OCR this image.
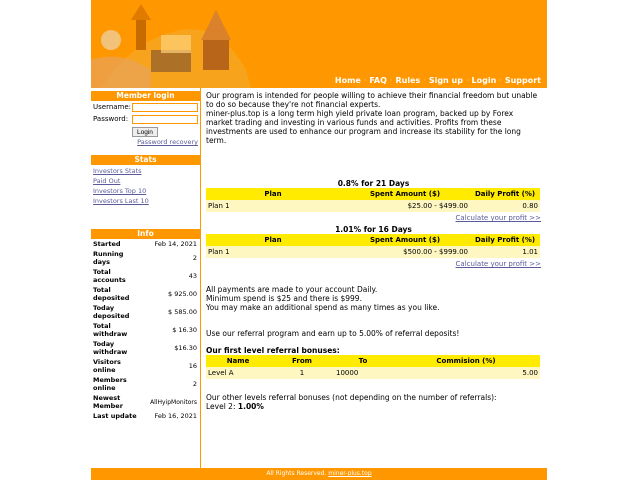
Home · FAQ · Rules · Sign up · Login · Support
Member login
Username:
Password:
Login
Password recovery
Stats
Investors Stats
Paid Out
Investors Top 10
Investors Last 10
Info
Started	Feb 14, 2021
Running days	2
Total accounts	43
Total deposited	$ 925.00
Today deposited	$ 585.00
Total withdraw	$ 16.30
Today withdraw	$16.30
Visitors online	16
Members online	2
Newest Member	AllHyipMonitors
Last update	Feb 16, 2021
Our program is intended for people willing to achieve their financial freedom but unable to do so because they're not financial experts.
miner-plus.top is a long term high yield private loan program, backed up by Forex market trading and investing in various funds and activities. Profits from these investments are used to enhance our program and increase its stability for the long term.
0.8% for 21 Days
Plan	Spent Amount ($)	Daily Profit (%)
Plan 1	$25.00 - $499.00	0.80
Calculate your profit >>
1.01% for 16 Days
Plan	Spent Amount ($)	Daily Profit (%)
Plan 1	$500.00 - $999.00	1.01
Calculate your profit >>
All payments are made to your account Daily.
Minimum spend is $25 and there is $999.
You may make an additional spend as many times as you like.
Use our referral program and earn up to 5.00% of referral deposits!
Our first level referral bonuses:
Name	From	To	Commision (%)
Level A	1	10000	5.00
Our other levels referral bonuses (not depending on the number of referrals):
Level 2: 1.00%
All Rights Reserved. miner-plus.top
